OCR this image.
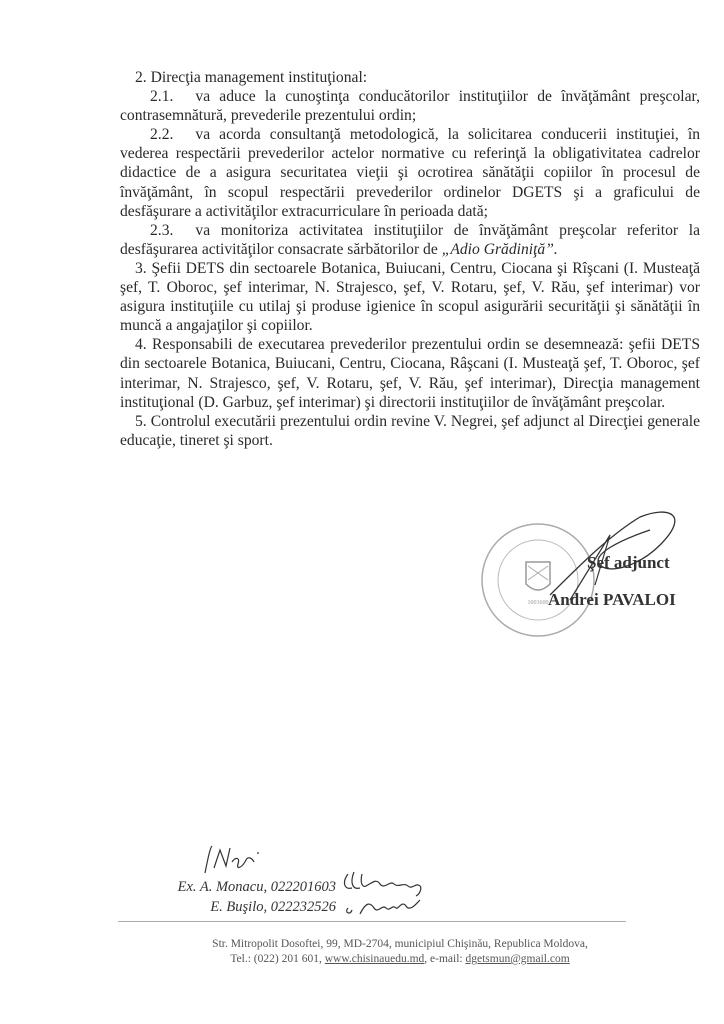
2. Direcţia management instituţional:

2.1. va aduce la cunoştinţa conducătorilor instituţiilor de învăţământ preşcolar, contrasemnătură, prevederile prezentului ordin;

2.2. va acorda consultanţă metodologică, la solicitarea conducerii instituţiei, în vederea respectării prevederilor actelor normative cu referinţă la obligativitatea cadrelor didactice de a asigura securitatea vieţii şi ocrotirea sănătăţii copiilor în procesul de învăţământ, în scopul respectării prevederilor ordinelor DGETS şi a graficului de desfăşurare a activităţilor extracurriculare în perioada dată;

2.3. va monitoriza activitatea instituţiilor de învăţământ preşcolar referitor la desfăşurarea activităţilor consacrate sărbătorilor de „Adio Grădiniţă”.

3. Şefii DETS din sectoarele Botanica, Buiucani, Centru, Ciocana şi Rîşcani (I. Musteaţă şef, T. Oboroc, şef interimar, N. Strajesco, şef, V. Rotaru, şef, V. Rău, şef interimar) vor asigura instituţiile cu utilaj şi produse igienice în scopul asigurării securităţii şi sănătăţii în muncă a angajaţilor şi copiilor.

4. Responsabili de executarea prevederilor prezentului ordin se desemnează: şefii DETS din sectoarele Botanica, Buiucani, Centru, Ciocana, Râşcani (I. Musteaţă şef, T. Oboroc, şef interimar, N. Strajesco, şef, V. Rotaru, şef, V. Rău, şef interimar), Direcţia management instituţional (D. Garbuz, şef interimar) şi directorii instituţiilor de învăţământ preşcolar.

5. Controlul executării prezentului ordin revine V. Negrei, şef adjunct al Direcţiei generale educaţie, tineret şi sport.

1003600
Şef adjunct
Andrei PAVALOI
Ex. A. Monacu, 022201603
E. Buşilo, 022232526
Str. Mitropolit Dosoftei, 99, MD-2704, municipiul Chişinău, Republica Moldova,
Tel.: (022) 201 601, www.chisinauedu.md, e-mail: dgetsmun@gmail.com
